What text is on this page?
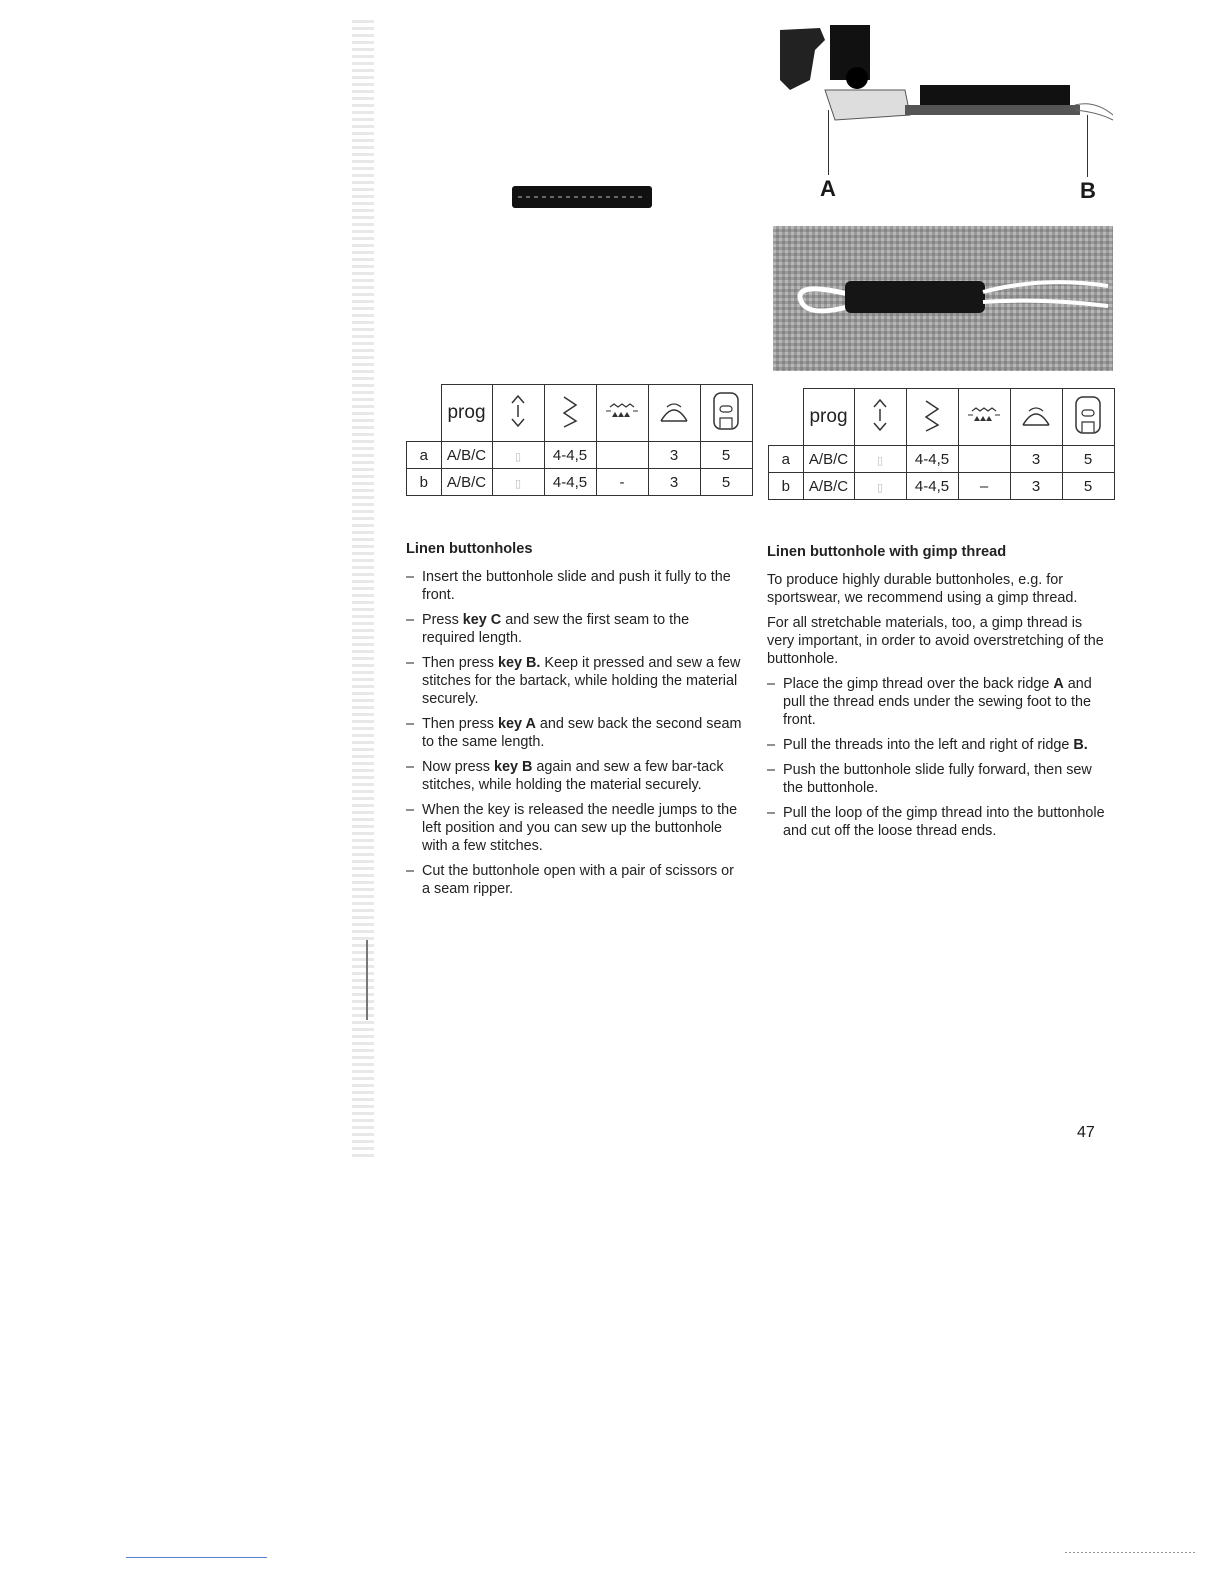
A	B
	prog					
a	A/B/C	▯	4-4,5		3	5
b	A/B/C	▯	4-4,5	-	3	5
	prog					
a	A/B/C	▯	4-4,5		3	5
b	A/B/C	▯	4-4,5	–	3	5
Linen buttonholes
– Insert the buttonhole slide and push it fully to the front.
– Press key C and sew the first seam to the required length.
– Then press key B. Keep it pressed and sew a few stitches for the bartack, while holding the material securely.
– Then press key A and sew back the second seam to the same length.
– Now press key B again and sew a few bar-tack stitches, while holding the material securely.
– When the key is released the needle jumps to the left position and you can sew up the buttonhole with a few stitches.
– Cut the buttonhole open with a pair of scissors or a seam ripper.
Linen buttonhole with gimp thread

To produce highly durable buttonholes, e.g. for sportswear, we recommend using a gimp thread.

For all stretchable materials, too, a gimp thread is very important, in order to avoid overstretching of the buttonhole.

– Place the gimp thread over the back ridge A and pull the thread ends under the sewing foot to the front.
– Pull the threads into the left and right of ridge B.
– Push the buttonhole slide fully forward, then sew the buttonhole.
– Pull the loop of the gimp thread into the buttonhole and cut off the loose thread ends.
47
